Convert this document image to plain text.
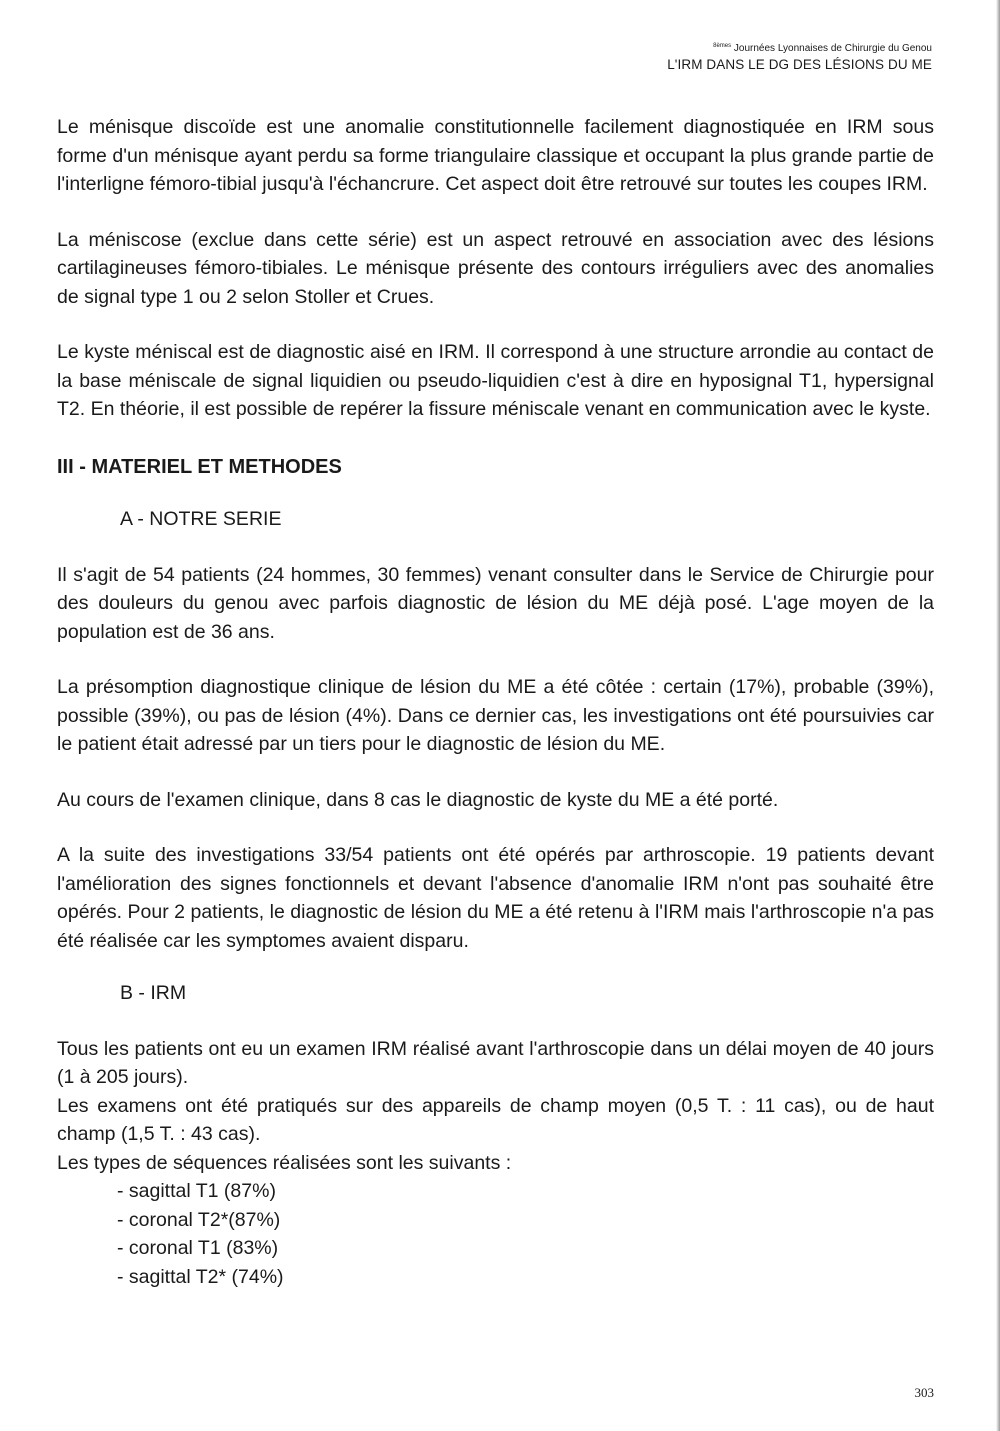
$^{8èmes}$ Journées Lyonnaises de Chirurgie du Genou
L'IRM DANS LE DG DES LÉSIONS DU ME

Le ménisque discoïde est une anomalie constitutionnelle facilement diagnostiquée en IRM sous forme d'un ménisque ayant perdu sa forme triangulaire classique et occupant la plus grande partie de l'interligne fémoro-tibial jusqu'à l'échancrure. Cet aspect doit être retrouvé sur toutes les coupes IRM.

La méniscose (exclue dans cette série) est un aspect retrouvé en association avec des lésions cartilagineuses fémoro-tibiales. Le ménisque présente des contours irréguliers avec des anomalies de signal type 1 ou 2 selon Stoller et Crues.

Le kyste méniscal est de diagnostic aisé en IRM. Il correspond à une structure arrondie au contact de la base méniscale de signal liquidien ou pseudo-liquidien c'est à dire en hyposignal T1, hypersignal T2. En théorie, il est possible de repérer la fissure méniscale venant en communication avec le kyste.

III - MATERIEL ET METHODES
A - NOTRE SERIE

Il s'agit de 54 patients (24 hommes, 30 femmes) venant consulter dans le Service de Chirurgie pour des douleurs du genou avec parfois diagnostic de lésion du ME déjà posé. L'age moyen de la population est de 36 ans.

La présomption diagnostique clinique de lésion du ME a été côtée : certain (17%), probable (39%), possible (39%), ou pas de lésion (4%). Dans ce dernier cas, les investigations ont été poursuivies car le patient était adressé par un tiers pour le diagnostic de lésion du ME.

Au cours de l'examen clinique, dans 8 cas le diagnostic de kyste du ME a été porté.

A la suite des investigations 33/54 patients ont été opérés par arthroscopie. 19 patients devant l'amélioration des signes fonctionnels et devant l'absence d'anomalie IRM n'ont pas souhaité être opérés. Pour 2 patients, le diagnostic de lésion du ME a été retenu à l'IRM mais l'arthroscopie n'a pas été réalisée car les symptomes avaient disparu.

B - IRM

Tous les patients ont eu un examen IRM réalisé avant l'arthroscopie dans un délai moyen de 40 jours (1 à 205 jours).

Les examens ont été pratiqués sur des appareils de champ moyen (0,5 T. : 11 cas), ou de haut champ (1,5 T. : 43 cas).

Les types de séquences réalisées sont les suivants :

- sagittal T1 (87%)
- coronal T2*(87%)
- coronal T1 (83%)
- sagittal T2* (74%)
303
